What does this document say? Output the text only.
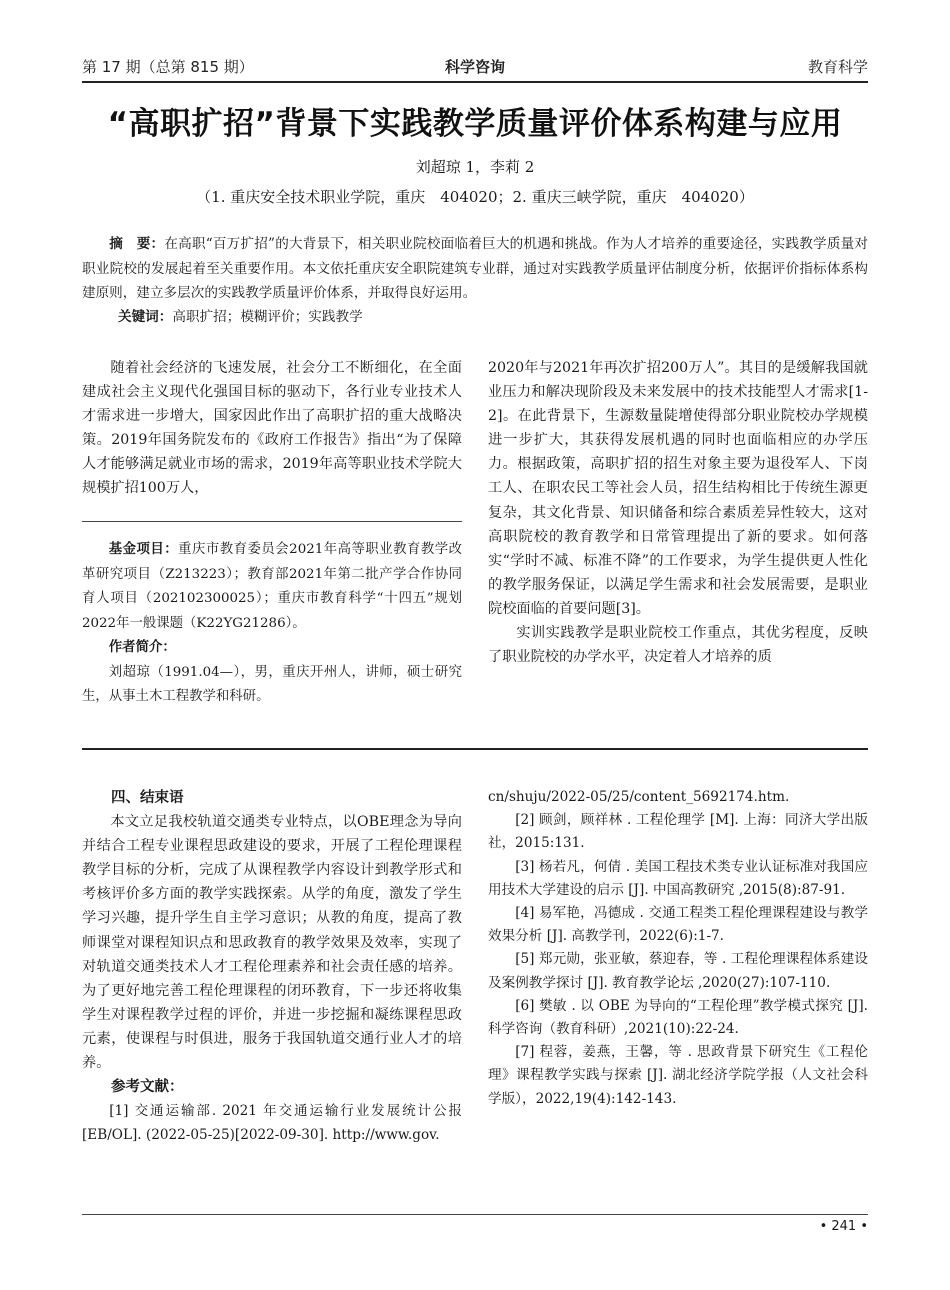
第 17 期（总第 815 期）	科学咨询	教育科学
“高职扩招”背景下实践教学质量评价体系构建与应用
刘超琼 1，李莉 2
（1. 重庆安全技术职业学院，重庆　404020；2. 重庆三峡学院，重庆　404020）
摘　要：在高职“百万扩招”的大背景下，相关职业院校面临着巨大的机遇和挑战。作为人才培养的重要途径，实践教学质量对职业院校的发展起着至关重要作用。本文依托重庆安全职院建筑专业群，通过对实践教学质量评估制度分析，依据评价指标体系构建原则，建立多层次的实践教学质量评价体系，并取得良好运用。
关键词：高职扩招；模糊评价；实践教学

随着社会经济的飞速发展，社会分工不断细化，在全面建成社会主义现代化强国目标的驱动下，各行业专业技术人才需求进一步增大，国家因此作出了高职扩招的重大战略决策。2019年国务院发布的《政府工作报告》指出“为了保障人才能够满足就业市场的需求，2019年高等职业技术学院大规模扩招100万人，

基金项目：重庆市教育委员会2021年高等职业教育教学改革研究项目（Z213223）；教育部2021年第二批产学合作协同育人项目（202102300025）；重庆市教育科学“十四五”规划2022年一般课题（K22YG21286）。

作者简介：

刘超琼（1991.04—），男，重庆开州人，讲师，硕士研究生，从事土木工程教学和科研。

2020年与2021年再次扩招200万人”。其目的是缓解我国就业压力和解决现阶段及未来发展中的技术技能型人才需求[1-2]。在此背景下，生源数量陡增使得部分职业院校办学规模进一步扩大，其获得发展机遇的同时也面临相应的办学压力。根据政策，高职扩招的招生对象主要为退役军人、下岗工人、在职农民工等社会人员，招生结构相比于传统生源更复杂，其文化背景、知识储备和综合素质差异性较大，这对高职院校的教育教学和日常管理提出了新的要求。如何落实“学时不减、标准不降”的工作要求，为学生提供更人性化的教学服务保证，以满足学生需求和社会发展需要，是职业院校面临的首要问题[3]。

实训实践教学是职业院校工作重点，其优劣程度，反映了职业院校的办学水平，决定着人才培养的质

四、结束语

本文立足我校轨道交通类专业特点，以OBE理念为导向并结合工程专业课程思政建设的要求，开展了工程伦理课程教学目标的分析，完成了从课程教学内容设计到教学形式和考核评价多方面的教学实践探索。从学的角度，激发了学生学习兴趣，提升学生自主学习意识；从教的角度，提高了教师课堂对课程知识点和思政教育的教学效果及效率，实现了对轨道交通类技术人才工程伦理素养和社会责任感的培养。为了更好地完善工程伦理课程的闭环教育，下一步还将收集学生对课程教学过程的评价，并进一步挖掘和凝练课程思政元素，使课程与时俱进，服务于我国轨道交通行业人才的培养。

参考文献：

[1] 交通运输部. 2021 年交通运输行业发展统计公报 [EB/OL]. (2022-05-25)[2022-09-30]. http://www.gov.

cn/shuju/2022-05/25/content_5692174.htm.

[2] 顾剑，顾祥林 . 工程伦理学 [M]. 上海：同济大学出版社，2015:131.

[3] 杨若凡，何倩 . 美国工程技术类专业认证标准对我国应用技术大学建设的启示 [J]. 中国高教研究 ,2015(8):87-91.

[4] 易军艳，冯德成 . 交通工程类工程伦理课程建设与教学效果分析 [J]. 高教学刊，2022(6):1-7.

[5] 郑元勋，张亚敏，蔡迎春，等 . 工程伦理课程体系建设及案例教学探讨 [J]. 教育教学论坛 ,2020(27):107-110.

[6] 樊敏 . 以 OBE 为导向的“工程伦理”教学模式探究 [J]. 科学咨询（教育科研）,2021(10):22-24.

[7] 程蓉，姜燕，王馨，等 . 思政背景下研究生《工程伦理》课程教学实践与探索 [J]. 湖北经济学院学报（人文社会科学版），2022,19(4):142-143.

• 241 •
